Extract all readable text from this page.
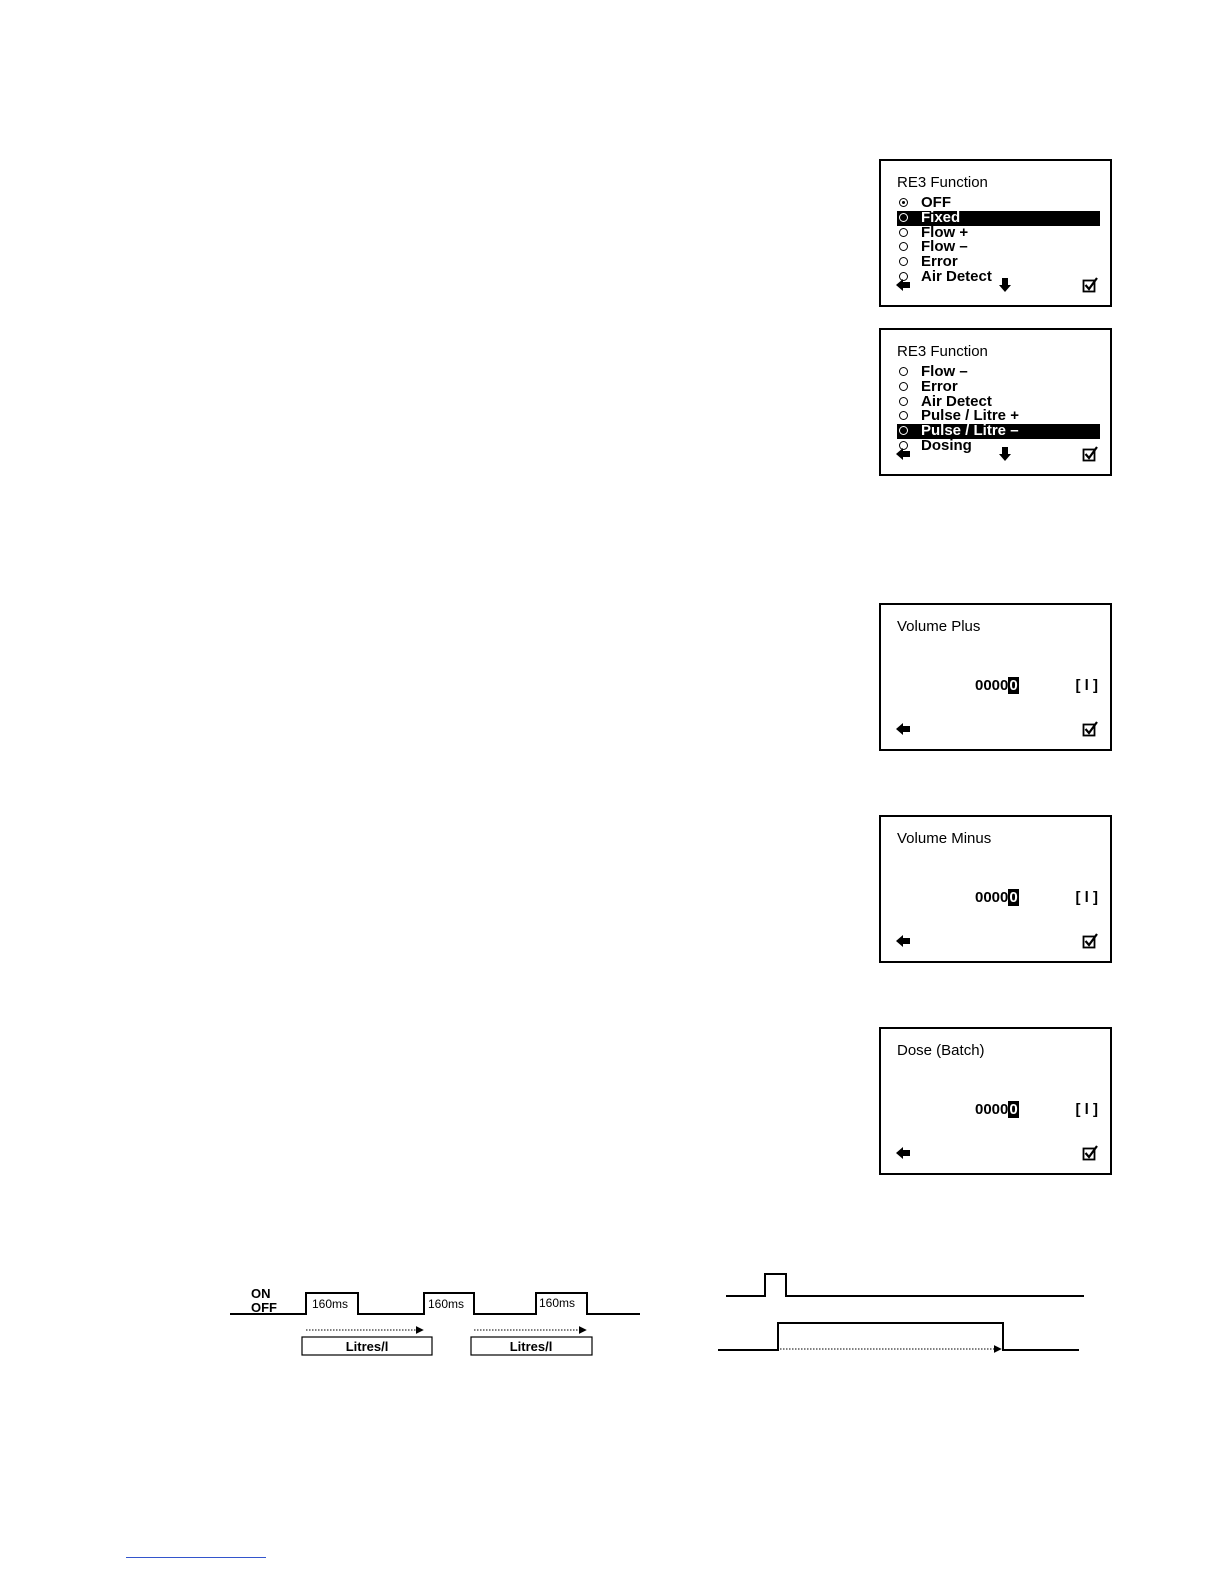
RE3 Function
OFF
Fixed
Flow +
Flow –
Error
Air Detect
RE3 Function
Flow –
Error
Air Detect
Pulse / Litre +
Pulse / Litre –
Dosing
Volume Plus
00000	[ l ]
Volume Minus
00000	[ l ]
Dose (Batch)
00000	[ l ]
ON
OFF	160ms	160ms	160ms
Litres/l	Litres/l
